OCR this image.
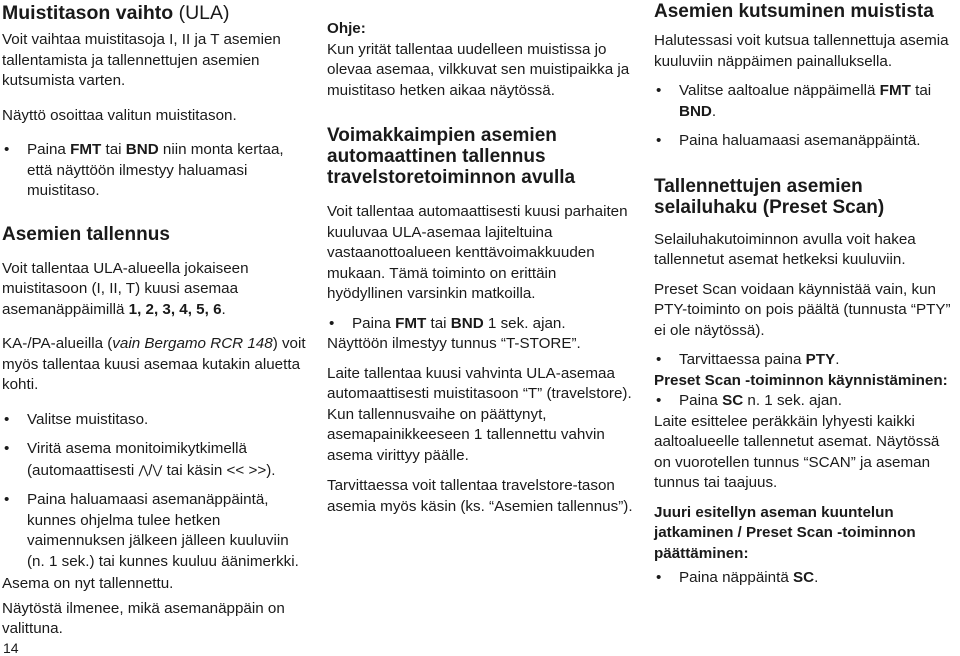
Muistitason vaihto (ULA)

Voit vaihtaa muistitasoja I, II ja T asemien tallentamista ja tallennettujen asemien kutsumista varten.

Näyttö osoittaa valitun muistitason.

• Paina FMT tai BND niin monta kertaa, että näyttöön ilmestyy haluamasi muistitaso.
Asemien tallennus

Voit tallentaa ULA-alueella jokaiseen muistitasoon (I, II, T) kuusi asemaa asemanäppäimillä 1, 2, 3, 4, 5, 6.

KA-/PA-alueilla (vain Bergamo RCR 148) voit myös tallentaa kuusi asemaa kutakin aluetta kohti.

• Valitse muistitaso.
• Viritä asema monitoimikytkimellä (automaattisesti ⋀/⋁ tai käsin << >>).
• Paina haluamaasi asemanäppäintä, kunnes ohjelma tulee hetken vaimennuksen jälkeen jälleen kuuluviin (n. 1 sek.) tai kunnes kuuluu äänimerkki.

Asema on nyt tallennettu.

Näytöstä ilmenee, mikä asemanäppäin on valittuna.

Ohje:

Kun yrität tallentaa uudelleen muistissa jo olevaa asemaa, vilkkuvat sen muistipaikka ja muistitaso hetken aikaa näytössä.

Voimakkaimpien asemien automaattinen tallennus travelstoretoiminnon avulla

Voit tallentaa automaattisesti kuusi parhaiten kuuluvaa ULA-asemaa lajiteltuina vastaanottoalueen kenttävoimakkuuden mukaan. Tämä toiminto on erittäin hyödyllinen varsinkin matkoilla.

• Paina FMT tai BND 1 sek. ajan.

Näyttöön ilmestyy tunnus “T-STORE”.

Laite tallentaa kuusi vahvinta ULA-asemaa automaattisesti muistitasoon “T” (travelstore). Kun tallennusvaihe on päättynyt, asemapainikkeeseen 1 tallennettu vahvin asema virittyy päälle.

Tarvittaessa voit tallentaa travelstore-tason asemia myös käsin (ks. “Asemien tallennus”).

Asemien kutsuminen muistista

Halutessasi voit kutsua tallennettuja asemia kuuluviin näppäimen painalluksella.

• Valitse aaltoalue näppäimellä FMT tai BND.
• Paina haluamaasi asemanäppäintä.
Tallennettujen asemien selailuhaku (Preset Scan)

Selailuhakutoiminnon avulla voit hakea tallennetut asemat hetkeksi kuuluviin.

Preset Scan voidaan käynnistää vain, kun PTY-toiminto on pois päältä (tunnusta “PTY” ei ole näytössä).

• Tarvittaessa paina PTY.

Preset Scan -toiminnon käynnistäminen:

• Paina SC n. 1 sek. ajan.

Laite esittelee peräkkäin lyhyesti kaikki aaltoalueelle tallennetut asemat. Näytössä on vuorotellen tunnus “SCAN” ja aseman tunnus tai taajuus.

Juuri esitellyn aseman kuuntelun jatkaminen / Preset Scan -toiminnon päättäminen:

• Paina näppäintä SC.
14
